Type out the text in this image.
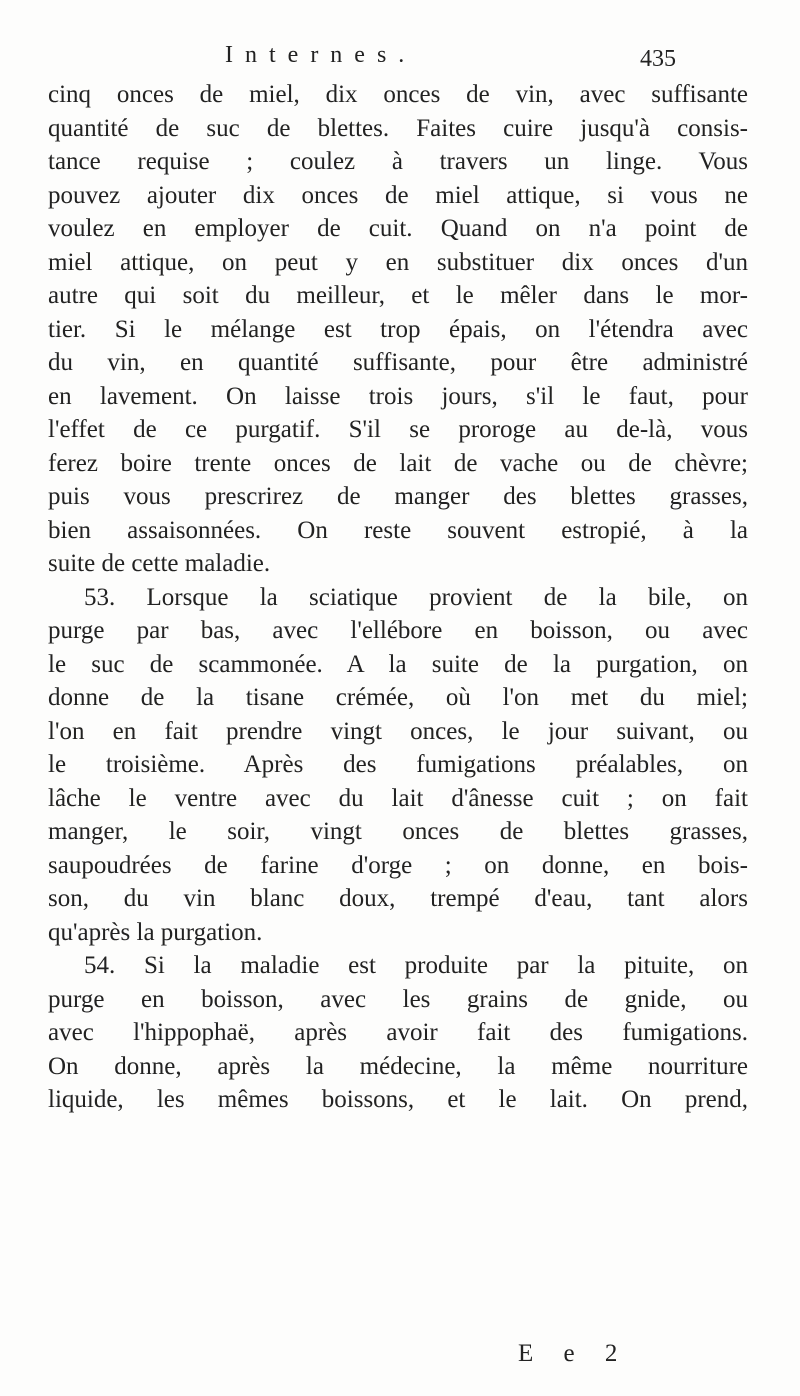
Internes.	435
cinq onces de miel, dix onces de vin, avec suffisante
quantité de suc de blettes. Faites cuire jusqu'à consis-
tance requise ; coulez à travers un linge. Vous
pouvez ajouter dix onces de miel attique, si vous ne
voulez en employer de cuit. Quand on n'a point de
miel attique, on peut y en substituer dix onces d'un
autre qui soit du meilleur, et le mêler dans le mor-
tier. Si le mélange est trop épais, on l'étendra avec
du vin, en quantité suffisante, pour être administré
en lavement. On laisse trois jours, s'il le faut, pour
l'effet de ce purgatif. S'il se proroge au de-là, vous
ferez boire trente onces de lait de vache ou de chèvre;
puis vous prescrirez de manger des blettes grasses,
bien assaisonnées. On reste souvent estropié, à la
suite de cette maladie.
53. Lorsque la sciatique provient de la bile, on
purge par bas, avec l'ellébore en boisson, ou avec
le suc de scammonée. A la suite de la purgation, on
donne de la tisane crémée, où l'on met du miel;
l'on en fait prendre vingt onces, le jour suivant, ou
le troisième. Après des fumigations préalables, on
lâche le ventre avec du lait d'ânesse cuit ; on fait
manger, le soir, vingt onces de blettes grasses,
saupoudrées de farine d'orge ; on donne, en bois-
son, du vin blanc doux, trempé d'eau, tant alors
qu'après la purgation.
54. Si la maladie est produite par la pituite, on
purge en boisson, avec les grains de gnide, ou
avec l'hippophaë, après avoir fait des fumigations.
On donne, après la médecine, la même nourriture
liquide, les mêmes boissons, et le lait. On prend,
E e 2
